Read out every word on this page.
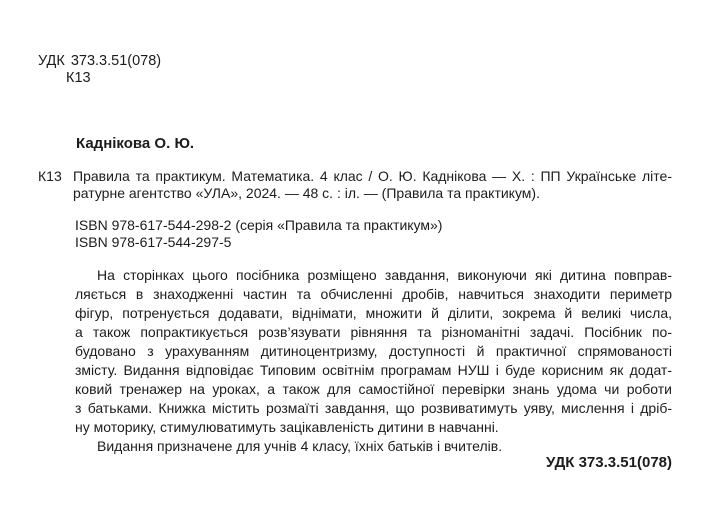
УДК 373.3.51(078)
К13
Каднікова О. Ю.
К13 Правила та практикум. Математика. 4 клас / О. Ю. Каднікова — Х. : ПП Українське літе-
ратурне агентство «УЛА», 2024. — 48 с. : іл. — (Правила та практикум).
ISBN 978-617-544-298-2 (серія «Правила та практикум»)
ISBN 978-617-544-297-5
На сторінках цього посібника розміщено завдання, виконуючи які дитина повправ-
ляється в знаходженні частин та обчисленні дробів, навчиться знаходити периметр
фігур, потренується додавати, віднімати, множити й ділити, зокрема й великі числа,
а також попрактикується розв’язувати рівняння та різноманітні задачі. Посібник по-
будовано з урахуванням дитиноцентризму, доступності й практичної спрямованості
змісту. Видання відповідає Типовим освітнім програмам НУШ і буде корисним як додат-
ковий тренажер на уроках, а також для самостійної перевірки знань удома чи роботи
з батьками. Книжка містить розмаїті завдання, що розвиватимуть уяву, мислення і дріб-
ну моторику, стимулюватимуть зацікавленість дитини в навчанні.
Видання призначене для учнів 4 класу, їхніх батьків і вчителів.
УДК 373.3.51(078)
